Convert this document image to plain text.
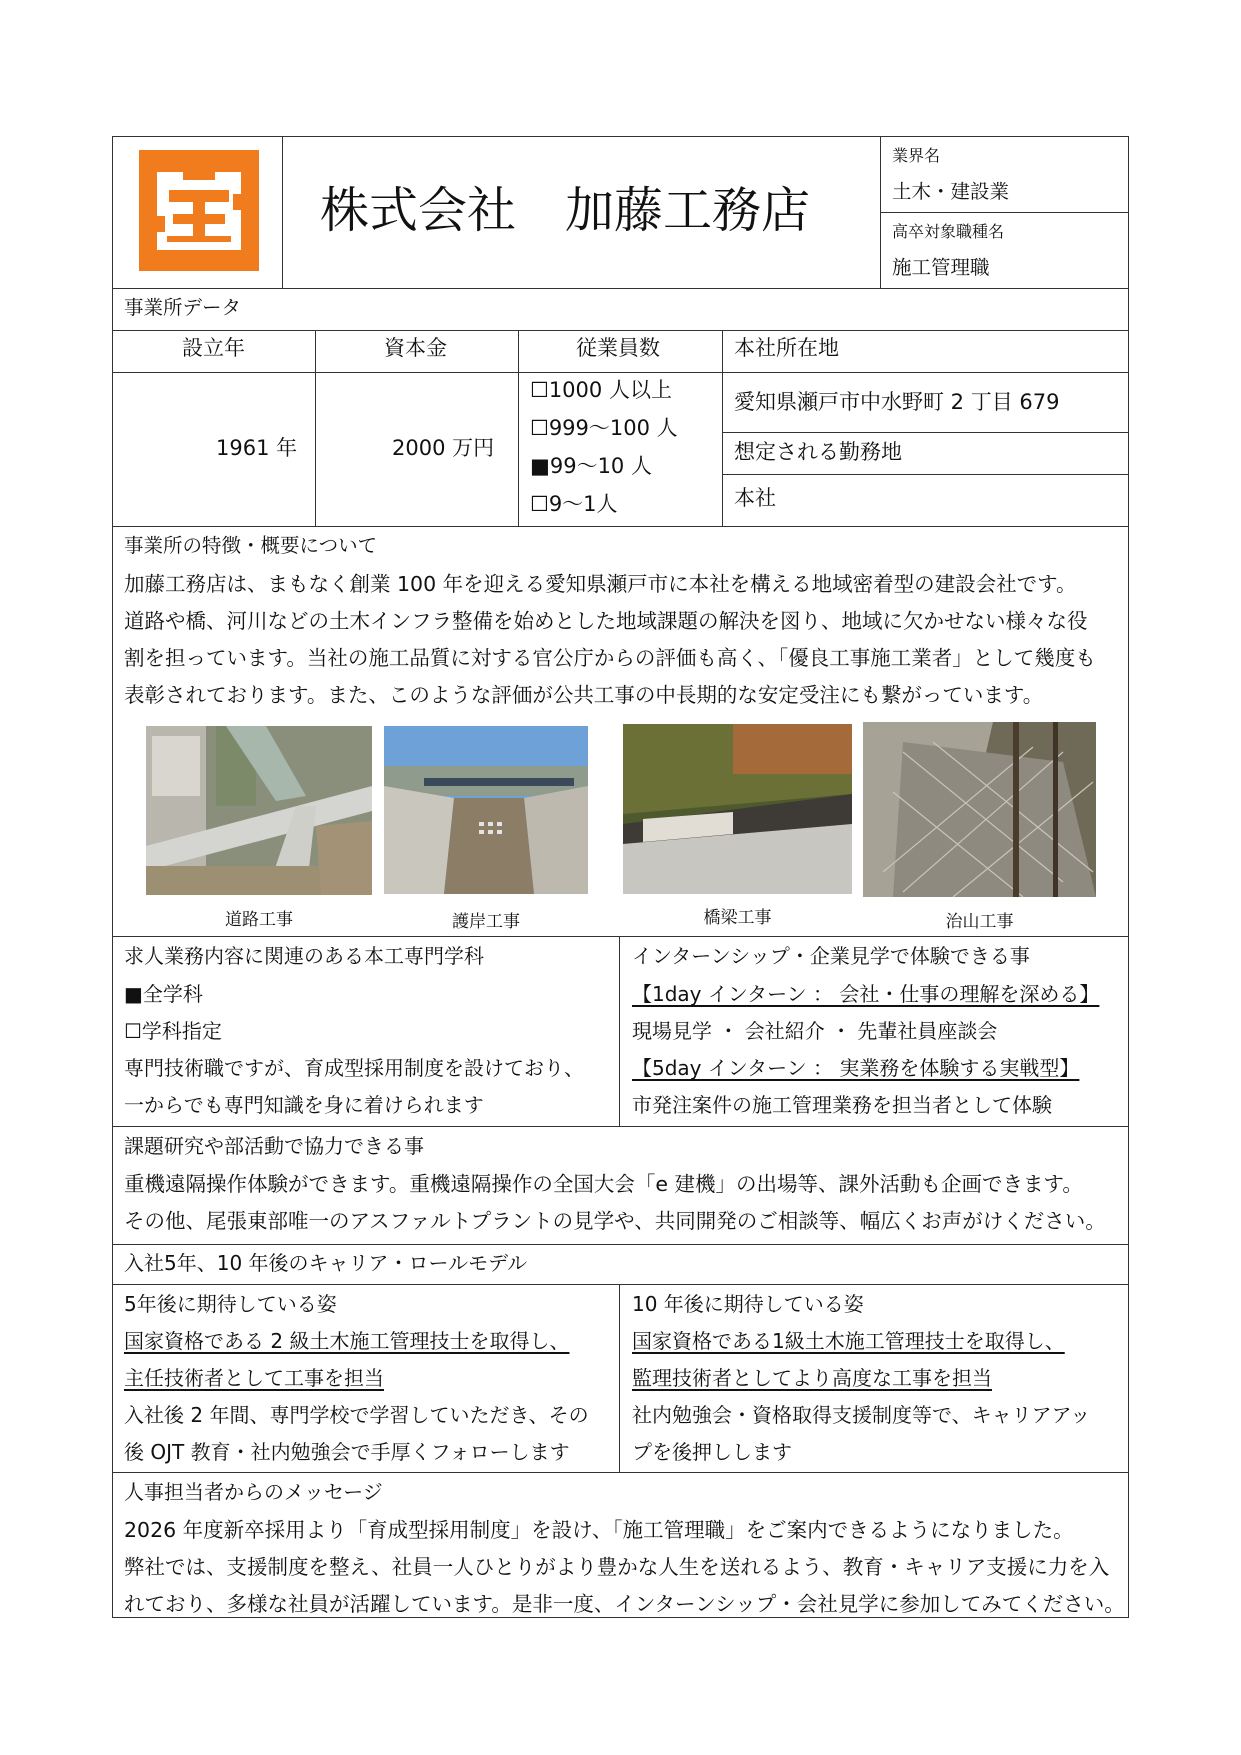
株式会社　加藤工務店
業界名
土木・建設業
高卒対象職種名
施工管理職
事業所データ
設立年	資本金	従業員数	本社所在地
1961 年	2000 万円
☐1000 人以上
☐999～100 人
■99～10 人
☐9～1人
愛知県瀬戸市中水野町 2 丁目 679
想定される勤務地
本社
事業所の特徴・概要について
加藤工務店は、まもなく創業 100 年を迎える愛知県瀬戸市に本社を構える地域密着型の建設会社です。
道路や橋、河川などの土木インフラ整備を始めとした地域課題の解決を図り、地域に欠かせない様々な役
割を担っています。当社の施工品質に対する官公庁からの評価も高く、「優良工事施工業者」として幾度も
表彰されております。また、このような評価が公共工事の中長期的な安定受注にも繋がっています。
道路工事	護岸工事	橋梁工事	治山工事
求人業務内容に関連のある本工専門学科
■全学科
☐学科指定
専門技術職ですが、育成型採用制度を設けており、
一からでも専門知識を身に着けられます
インターンシップ・企業見学で体験できる事
【1day インターン ： 会社・仕事の理解を深める】
現場見学 ・ 会社紹介 ・ 先輩社員座談会
【5day インターン ： 実業務を体験する実戦型】
市発注案件の施工管理業務を担当者として体験
課題研究や部活動で協力できる事
重機遠隔操作体験ができます。重機遠隔操作の全国大会「e 建機」の出場等、課外活動も企画できます。
その他、尾張東部唯一のアスファルトプラントの見学や、共同開発のご相談等、幅広くお声がけください。
入社5年、10 年後のキャリア・ロールモデル
5年後に期待している姿
国家資格である 2 級土木施工管理技士を取得し、
主任技術者として工事を担当
入社後 2 年間、専門学校で学習していただき、その
後 OJT 教育・社内勉強会で手厚くフォローします
10 年後に期待している姿
国家資格である1級土木施工管理技士を取得し、
監理技術者としてより高度な工事を担当
社内勉強会・資格取得支援制度等で、キャリアアッ
プを後押しします
人事担当者からのメッセージ
2026 年度新卒採用より「育成型採用制度」を設け、「施工管理職」をご案内できるようになりました。
弊社では、支援制度を整え、社員一人ひとりがより豊かな人生を送れるよう、教育・キャリア支援に力を入
れており、多様な社員が活躍しています。是非一度、インターンシップ・会社見学に参加してみてください。
